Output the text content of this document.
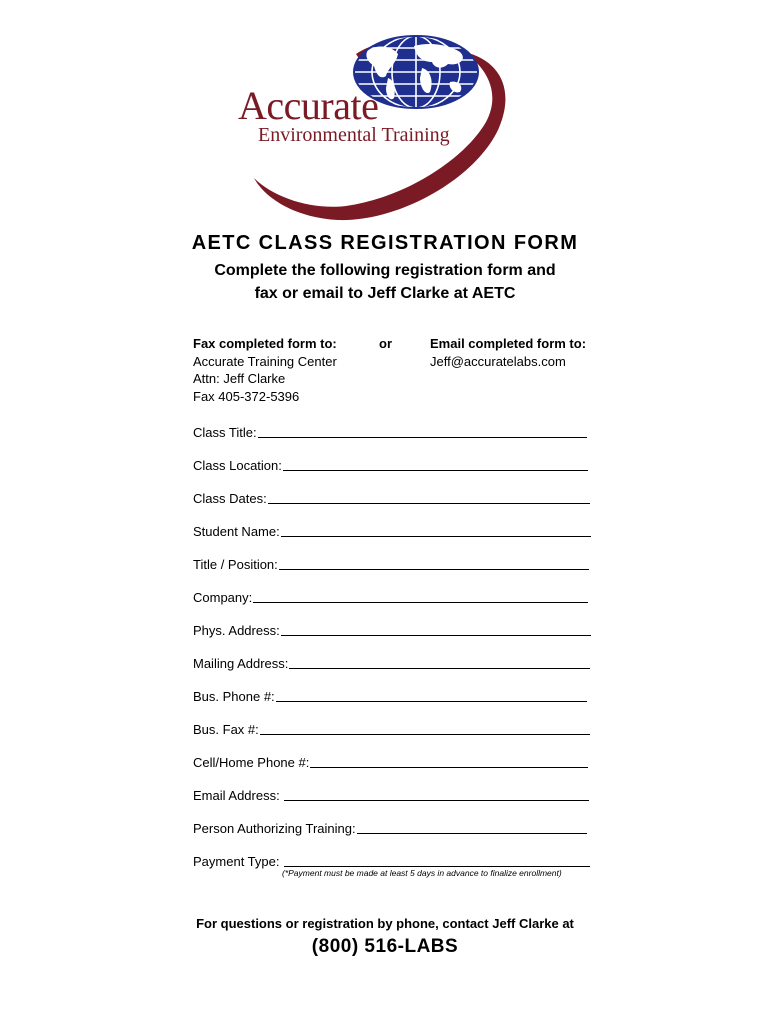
Accurate

Environmental Training

AETC CLASS REGISTRATION FORM

Complete the following registration form and

fax or email to Jeff Clarke at AETC

Fax completed form to:
Accurate Training Center
Attn: Jeff Clarke
Fax 405-372-5396
or	Email completed form to:
Jeff@accuratelabs.com
Class Title:
Class Location:
Class Dates:
Student Name:
Title / Position:
Company:
Phys. Address:
Mailing Address:
Bus. Phone #:
Bus. Fax #:
Cell/Home Phone #:
Email Address:
Person Authorizing Training:
Payment Type:

(*Payment must be made at least 5 days in advance to finalize enrollment)

For questions or registration by phone, contact Jeff Clarke at

(800) 516-LABS
